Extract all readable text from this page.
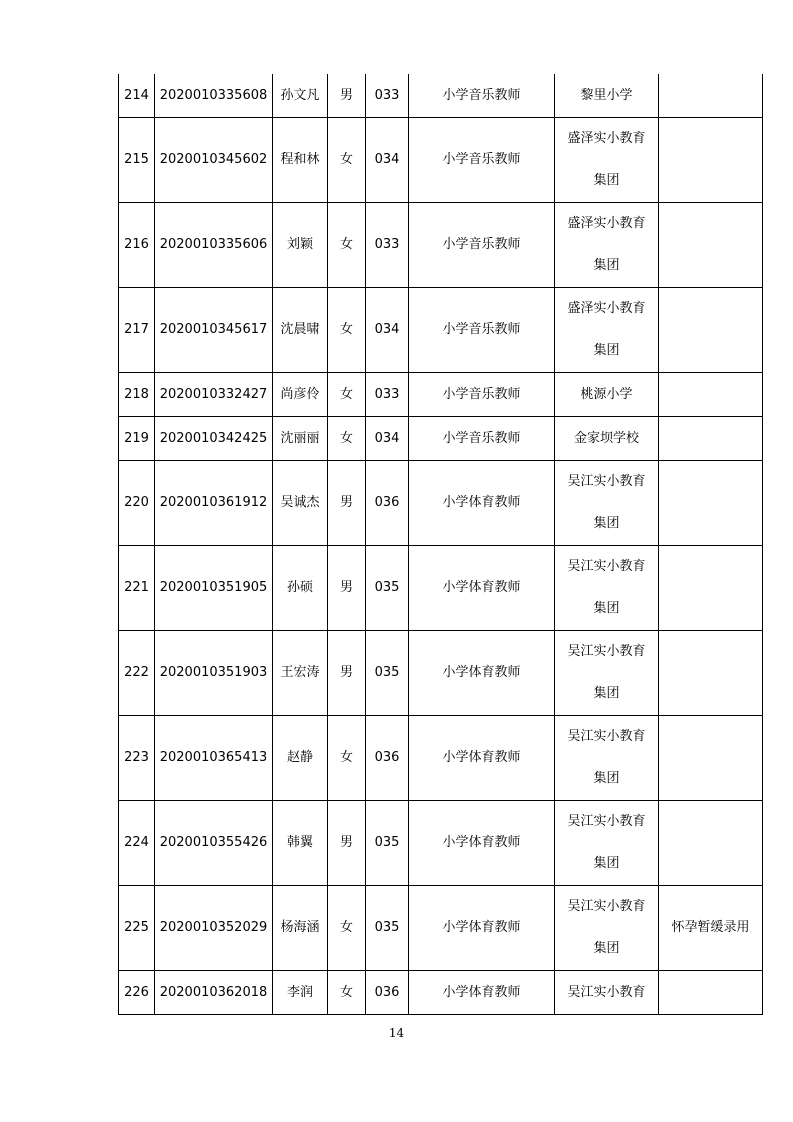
214	2020010335608	孙文凡	男	033	小学音乐教师	黎里小学	

215	2020010345602	程和林	女	034	小学音乐教师	盛泽实小教育
集团	

216	2020010335606	刘颖	女	033	小学音乐教师	盛泽实小教育
集团	

217	2020010345617	沈晨啸	女	034	小学音乐教师	盛泽实小教育
集团	

218	2020010332427	尚彦伶	女	033	小学音乐教师	桃源小学	

219	2020010342425	沈丽丽	女	034	小学音乐教师	金家坝学校	

220	2020010361912	吴诚杰	男	036	小学体育教师	吴江实小教育
集团	

221	2020010351905	孙硕	男	035	小学体育教师	吴江实小教育
集团	

222	2020010351903	王宏涛	男	035	小学体育教师	吴江实小教育
集团	

223	2020010365413	赵静	女	036	小学体育教师	吴江实小教育
集团	

224	2020010355426	韩翼	男	035	小学体育教师	吴江实小教育
集团	

225	2020010352029	杨海涵	女	035	小学体育教师	吴江实小教育
集团	怀孕暂缓录用
226	2020010362018	李润	女	036	小学体育教师	吴江实小教育	

14
